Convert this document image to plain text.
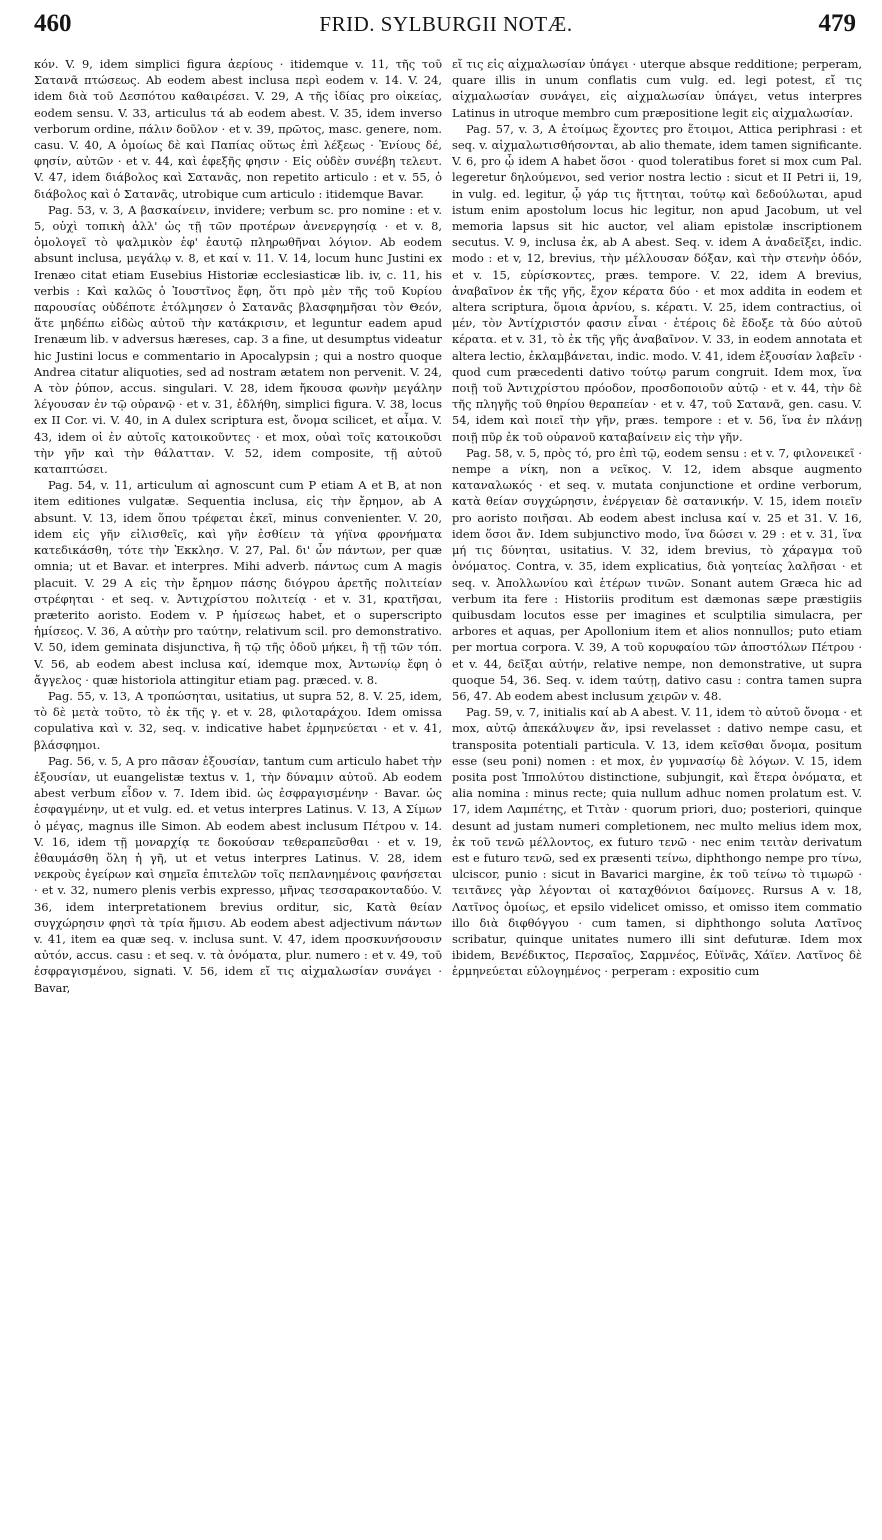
460	FRID. SYLBURGII NOTÆ.	479

κόν. V. 9, idem simplici figura ἀερίους · itidemque v. 11, τῆς τοῦ Σατανᾶ πτώσεως. Ab eodem abest inclusa περὶ eodem v. 14. V. 24, idem διὰ τοῦ Δεσπότου καθαιρέσει. V. 29, A τῆς ἰδίας pro οἰκείας, eodem sensu. V. 33, articulus τά ab eodem abest. V. 35, idem inverso verborum ordine, πάλιν δοῦλον · et v. 39, πρῶτος, masc. genere, nom. casu. V. 40, A ὁμοίως δὲ καὶ Παπίας οὕτως ἐπὶ λέξεως · Ἐνίους δέ, φησίν, αὐτῶν · et v. 44, καὶ ἐφεξῆς φησιν · Εἰς οὐδὲν συνέβη τελευτ. V. 47, idem διάβολος καὶ Σατανᾶς, non repetito articulo : et v. 55, ὁ διάβολος καὶ ὁ Σατανᾶς, utrobique cum articulo : itidemque Bavar.

Pag. 53, v. 3, A βασκαίνειν, invidere; verbum sc. pro nomine : et v. 5, οὐχὶ τοπικὴ ἀλλ' ὡς τῇ τῶν προτέρων ἀνενεργησίᾳ · et v. 8, ὁμολογεῖ τὸ ψαλμικὸν ἐφ' ἑαυτῷ πληρωθῆναι λόγιον. Ab eodem absunt inclusa, μεγάλῳ v. 8, et καί v. 11. V. 14, locum hunc Justini ex Irenæo citat etiam Eusebius Historiæ ecclesiasticæ lib. iv, c. 11, his verbis : Καὶ καλῶς ὁ Ἰουστῖνος ἔφη, ὅτι πρὸ μὲν τῆς τοῦ Κυρίου παρουσίας οὐδέποτε ἐτόλμησεν ὁ Σατανᾶς βλασφημῆσαι τὸν Θεόν, ἅτε μηδέπω εἰδὼς αὐτοῦ τὴν κατάκρισιν, et leguntur eadem apud Irenæum lib. v adversus hæreses, cap. 3 a fine, ut desumptus videatur hic Justini locus e commentario in Apocalypsin ; qui a nostro quoque Andrea citatur aliquoties, sed ad nostram ætatem non pervenit. V. 24, A τὸν ῥύπον, accus. singulari. V. 28, idem ἤκουσα φωνὴν μεγάλην λέγουσαν ἐν τῷ οὐρανῷ · et v. 31, ἐδλήθη, simplici figura. V. 38, locus ex II Cor. vi. V. 40, in A dulex scriptura est, ὄνομα scilicet, et αἷμα. V. 43, idem οἱ ἐν αὐτοῖς κατοικοῦντες · et mox, οὐαὶ τοῖς κατοικοῦσι τὴν γῆν καὶ τὴν θάλατταν. V. 52, idem composite, τῇ αὐτοῦ καταπτώσει.

Pag. 54, v. 11, articulum αἱ agnoscunt cum P etiam A et B, at non item editiones vulgatæ. Sequentia inclusa, εἰς τὴν ἔρημον, ab A absunt. V. 13, idem ὅπου τρέφεται ἐκεῖ, minus convenienter. V. 20, idem εἰς γῆν εἰλισθεῖς, καὶ γῆν ἐσθίειν τὰ γήϊνα φρονήματα κατεδικάσθη, τότε τὴν Ἐκκλησ. V. 27, Pal. δι' ὧν πάντων, per quæ omnia; ut et Bavar. et interpres. Mihi adverb. πάντως cum A magis placuit. V. 29 A εἰς τὴν ἔρημον πάσης διόγρου ἀρετῆς πολιτείαν στρέφηται · et seq. v. Ἀντιχρίστου πολιτείᾳ · et v. 31, κρατῆσαι, præterito aoristo. Eodem v. P ἡμίσεως habet, et o superscripto ἡμίσεος. V. 36, A αὐτὴν pro ταύτην, relativum scil. pro demonstrativo. V. 50, idem geminata disjunctiva, ἢ τῷ τῆς ὁδοῦ μήκει, ἢ τῇ τῶν τόπ. V. 56, ab eodem abest inclusa καί, idemque mox, Ἀντωνίῳ ἔφη ὁ ἄγγελος · quæ historiola attingitur etiam pag. præced. v. 8.

Pag. 55, v. 13, A τροπώσηται, usitatius, ut supra 52, 8. V. 25, idem, τὸ δὲ μετὰ τοῦτο, τὸ ἐκ τῆς γ. et v. 28, φιλοταράχου. Idem omissa copulativa καὶ v. 32, seq. v. indicative habet ἑρμηνεύεται · et v. 41, βλάσφημοι.

Pag. 56, v. 5, A pro πᾶσαν ἐξουσίαν, tantum cum articulo habet τὴν ἐξουσίαν, ut euangelistæ textus v. 1, τὴν δύναμιν αὐτοῦ. Ab eodem abest verbum εἶδον v. 7. Idem ibid. ὡς ἐσφραγισμένην · Bavar. ὡς ἐσφαγμένην, ut et vulg. ed. et vetus interpres Latinus. V. 13, A Σίμων ὁ μέγας, magnus ille Simon. Ab eodem abest inclusum Πέτρου v. 14. V. 16, idem τῇ μοναρχίᾳ τε δοκούσαν τεθεραπεῦσθαι · et v. 19, ἐθαυμάσθη ὅλη ἡ γῆ, ut et vetus interpres Latinus. V. 28, idem νεκροὺς ἐγείρων καὶ σημεῖα ἐπιτελῶν τοῖς πεπλανημένοις φανήσεται · et v. 32, numero plenis verbis expresso, μῆνας τεσσαρακονταδύο. V. 36, idem interpretationem brevius orditur, sic, Κατὰ θείαν συγχώρησιν φησὶ τὰ τρία ἥμισυ. Ab eodem abest adjectivum πάντων v. 41, item ea quæ seq. v. inclusa sunt. V. 47, idem προσκυνήσουσιν αὐτόν, accus. casu : et seq. v. τὰ ὀνόματα, plur. numero : et v. 49, τοῦ ἐσφραγισμένου, signati. V. 56, idem εἴ τις αἰχμαλωσίαν συνάγει · Bavar,

εἴ τις εἰς αἰχμαλωσίαν ὑπάγει · uterque absque redditione; perperam, quare illis in unum conflatis cum vulg. ed. legi potest, εἴ τις αἰχμαλωσίαν συνάγει, εἰς αἰχμαλωσίαν ὑπάγει, vetus interpres Latinus in utroque membro cum præpositione legit εἰς αἰχμαλωσίαν.

Pag. 57, v. 3, A ἑτοίμως ἔχοντες pro ἕτοιμοι, Attica periphrasi : et seq. v. αἰχμαλωτισθήσονται, ab alio themate, idem tamen significante. V. 6, pro ᾧ idem A habet ὅσοι · quod toleratibus foret si mox cum Pal. legeretur δηλούμενοι, sed verior nostra lectio : sicut et II Petri ii, 19, in vulg. ed. legitur, ᾧ γάρ τις ἥττηται, τούτῳ καὶ δεδούλωται, apud istum enim apostolum locus hic legitur, non apud Jacobum, ut vel memoria lapsus sit hic auctor, vel aliam epistolæ inscriptionem secutus. V. 9, inclusa ἐκ, ab A abest. Seq. v. idem A ἀναδεῖξει, indic. modo : et v, 12, brevius, τὴν μέλλουσαν δόξαν, καὶ τὴν στενὴν ὁδόν, et v. 15, εὑρίσκοντες, præs. tempore. V. 22, idem A brevius, ἀναβαῖνον ἐκ τῆς γῆς, ἔχον κέρατα δύο · et mox addita in eodem et altera scriptura, ὅμοια ἀρνίου, s. κέρατι. V. 25, idem contractius, οἱ μέν, τὸν Ἀντίχριστόν φασιν εἶναι · ἑτέροις δὲ ἔδοξε τὰ δύο αὐτοῦ κέρατα. et v. 31, τὸ ἐκ τῆς γῆς ἀναβαῖνον. V. 33, in eodem annotata et altera lectio, ἐκλαμβάνεται, indic. modo. V. 41, idem ἐξουσίαν λαβεῖν · quod cum præcedenti dativo τούτῳ parum congruit. Idem mox, ἵνα ποιῇ τοῦ Ἀντιχρίστου πρόοδον, προσδοποιοῦν αὐτῷ · et v. 44, τὴν δὲ τῆς πληγῆς τοῦ θηρίου θεραπείαν · et v. 47, τοῦ Σατανᾶ, gen. casu. V. 54, idem καὶ ποιεῖ τὴν γῆν, præs. tempore : et v. 56, ἵνα ἐν πλάνῃ ποιῇ πῦρ ἐκ τοῦ οὐρανοῦ καταβαίνειν εἰς τὴν γῆν.

Pag. 58, v. 5, πρὸς τό, pro ἐπὶ τῷ, eodem sensu : et v. 7, φιλονεικεῖ · nempe a νίκη, non a νεῖκος. V. 12, idem absque augmento καταναλωκός · et seq. v. mutata conjunctione et ordine verborum, κατὰ θείαν συγχώρησιν, ἐνέργειαν δὲ σατανικήν. V. 15, idem ποιεῖν pro aoristo ποιῆσαι. Ab eodem abest inclusa καί v. 25 et 31. V. 16, idem ὅσοι ἄν. Idem subjunctivo modo, ἵνα δώσει v. 29 : et v. 31, ἵνα μή τις δύνηται, usitatius. V. 32, idem brevius, τὸ χάραγμα τοῦ ὀνόματος. Contra, v. 35, idem explicatius, διὰ γοητείας λαλῆσαι · et seq. v. Ἀπολλωνίου καὶ ἑτέρων τινῶν. Sonant autem Græca hic ad verbum ita fere : Historiis proditum est dæmonas sæpe præstigiis quibusdam locutos esse per imagines et sculptilia simulacra, per arbores et aquas, per Apollonium item et alios nonnullos; puto etiam per mortua corpora. V. 39, A τοῦ κορυφαίου τῶν ἀποστόλων Πέτρου · et v. 44, δεῖξαι αὐτήν, relative nempe, non demonstrative, ut supra quoque 54, 36. Seq. v. idem ταύτῃ, dativo casu : contra tamen supra 56, 47. Ab eodem abest inclusum χειρῶν v. 48.

Pag. 59, v. 7, initialis καί ab A abest. V. 11, idem τὸ αὐτοῦ ὄνομα · et mox, αὐτῷ ἀπεκάλυψεν ἄν, ipsi revelasset : dativo nempe casu, et transposita potentiali particula. V. 13, idem κεῖσθαι ὄνομα, positum esse (seu poni) nomen : et mox, ἐν γυμνασίῳ δὲ λόγων. V. 15, idem posita post Ἱππολύτου distinctione, subjungit, καὶ ἕτερα ὀνόματα, et alia nomina : minus recte; quia nullum adhuc nomen prolatum est. V. 17, idem Λαμπέτης, et Τιτὰν · quorum priori, duo; posteriori, quinque desunt ad justam numeri completionem, nec multo melius idem mox, ἐκ τοῦ τενῶ μέλλοντος, ex futuro τενῶ · nec enim τειτὰν derivatum est e futuro τενῶ, sed ex præsenti τείνω, diphthongo nempe pro τίνω, ulciscor, punio : sicut in Bavarici margine, ἐκ τοῦ τείνω τὸ τιμωρῶ · τειτᾶνες γὰρ λέγονται οἱ καταχθόνιοι δαίμονες. Rursus A v. 18, Λατῖνος ὁμοίως, et epsilo videlicet omisso, et omisso item commatio illo διὰ διφθόγγου · cum tamen, si diphthongo soluta Λατῖνος scribatur, quinque unitates numero illi sint defuturæ. Idem mox ibidem, Βενέδικτος, Περσαῖος, Σαρμνέος, Εὐϊνᾶς, Χάϊεν. Λατῖνος δὲ ἑρμηνεύεται εὐλογημένος · perperam : expositio cum
